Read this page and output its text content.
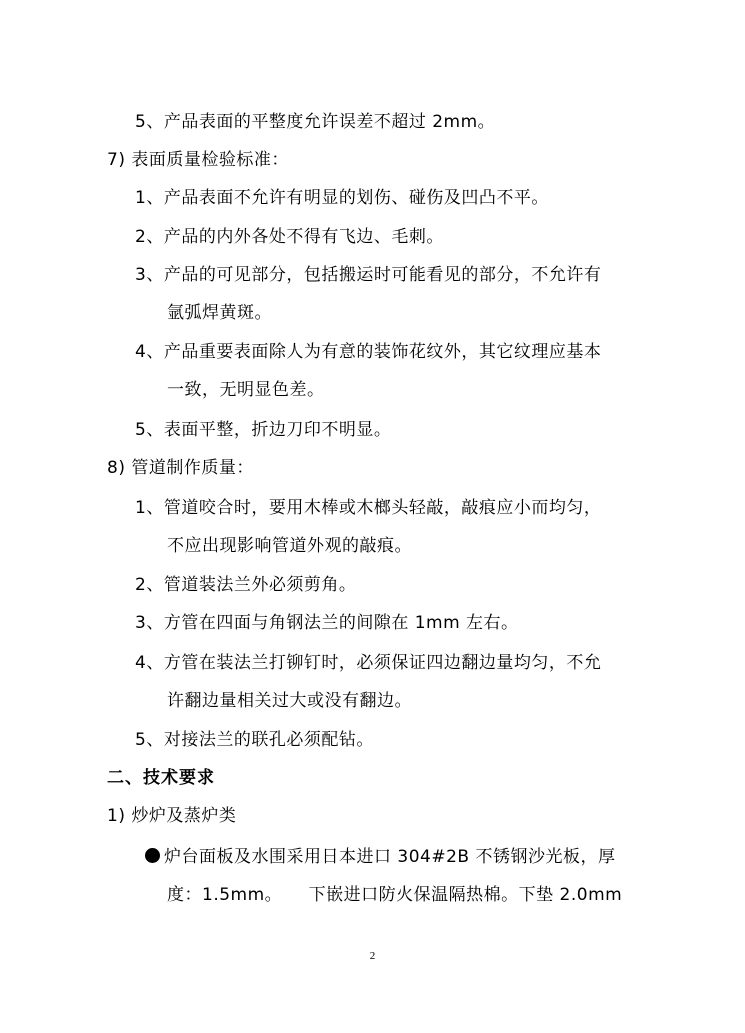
5、产品表面的平整度允许误差不超过 2mm。
7) 表面质量检验标准：
1、产品表面不允许有明显的划伤、碰伤及凹凸不平。
2、产品的内外各处不得有飞边、毛刺。
3、产品的可见部分，包括搬运时可能看见的部分，不允许有
氩弧焊黄斑。
4、产品重要表面除人为有意的装饰花纹外，其它纹理应基本
一致，无明显色差。
5、表面平整，折边刀印不明显。
8) 管道制作质量：
1、管道咬合时，要用木棒或木榔头轻敲，敲痕应小而均匀，
不应出现影响管道外观的敲痕。
2、管道装法兰外必须剪角。
3、方管在四面与角钢法兰的间隙在 1mm 左右。
4、方管在装法兰打铆钉时，必须保证四边翻边量均匀，不允
许翻边量相关过大或没有翻边。
5、对接法兰的联孔必须配钻。
二、技术要求
1) 炒炉及蒸炉类
炉台面板及水围采用日本进口 304#2B 不锈钢沙光板，厚
度：1.5mm。　　下嵌进口防火保温隔热棉。下垫 2.0mm
2
